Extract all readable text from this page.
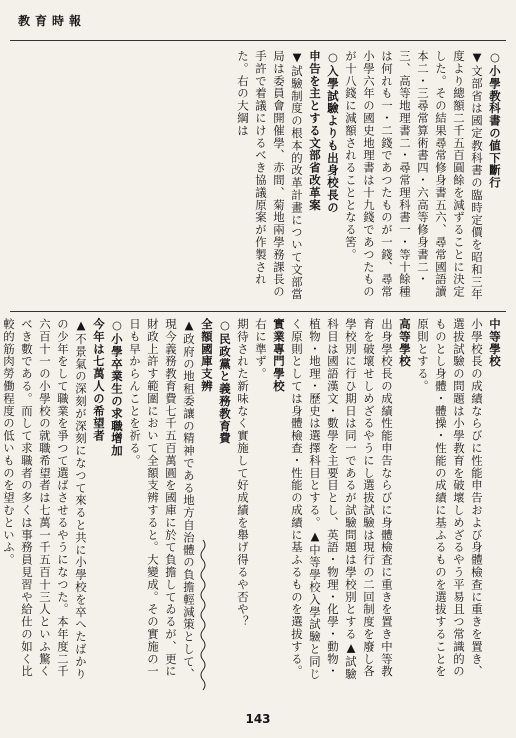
教育時報

○小學教科書の値下斷行

▼文部省は國定教科書の臨時定價を昭和三年度より總額二千五百圓餘を減ずることに決定した。その結果尋常修身書五六、尋常國語讀本二・三尋常算術書四・六高等修身書二・三、高等地理書二・尋常理科書一・等十餘種は何れも一・二錢であつたものが一錢、尋常小學六年の國史地理書は十九錢であつたものが十八錢に減額されることとなる筈。

○入學試驗よりも出身校長の

申告を主とする文部省改革案

▼試驗制度の根本的改革計畫について文部當局は委員會開催學、赤間、菊地兩學務課長の手許で着議にけるべき協議原案が作製された。右の大綱は

中等學校

小學校長の成績ならびに性能申告および身體檢查に重きを置き、選拔試驗の問題は小學教育を破壞しめざるやう平易且つ常識的のものとし身體・體操・性能の成績に基ふるものを選拔することを原則とする。

高等學校

出身學校長の成績性能申告ならびに身體檢査に重きを置き中等教育を破壞せしめざるやうにし選拔試驗は現行の二回制度を廢し各學校別に行ひ期日は同一であるが試驗問題は學校別とする▲試驗科目は國語漢文・數學を主要目とし、英語・物理・化學・動物・植物・地理・歷史は選擇科目とする。▲中等學校入學試驗と同じく原則としては身體檢查・性能の成績に基ふるものを選拔する。

實業專門學校

右に準ず。

期待された新味なく實施して好成績を舉げ得るや否や？

○民政黨と義務教育費

全額國庫支辨

▲政府の地租委讓の精神である地方自治體の負擔輕減策として、現今義務教育費七千五百萬圓を國庫に於て負擔してゐるが、更に財政上許す範圍において全額支辨すると。大變成。その實施の一日も早からんことを祈る。

○小學卒業生の求職增加

今年は七萬人の希望者

▲不景氣の深刻が深刻になつて來ると共に小學校を卒へたばかりの少年をして職業を爭つて選ばさせるやうになつた。本年度二千六百十一の小學校の就職希望者は七萬一千五百十三人といふ驚くべき數である。而して求職者の多くは事務員見習や給仕の如く比較的筋肉勞働程度の低いものを望むといふ。

143
